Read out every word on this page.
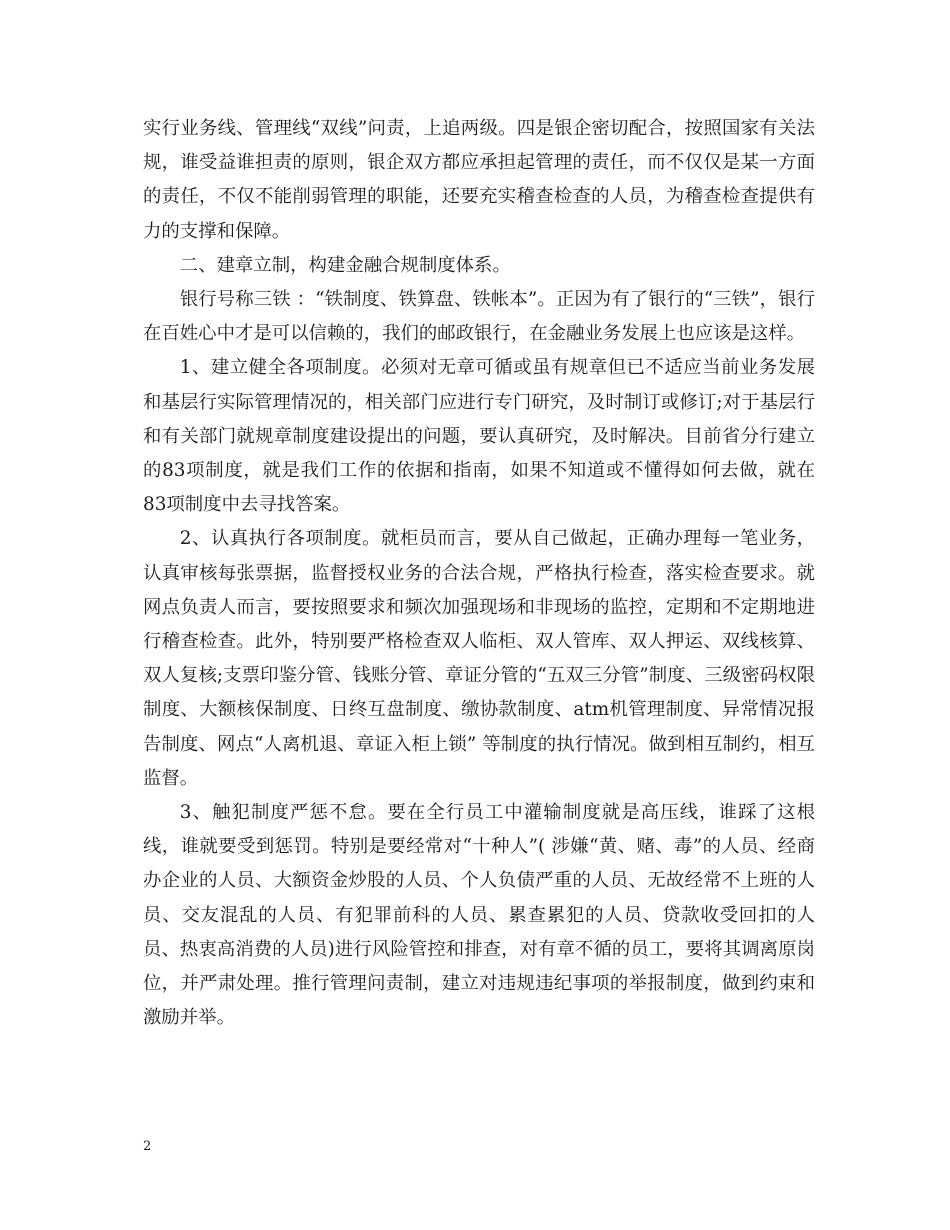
实行业务线、管理线“双线”问责，上追两级。四是银企密切配合，按照国家有关法规，谁受益谁担责的原则，银企双方都应承担起管理的责任，而不仅仅是某一方面的责任，不仅不能削弱管理的职能，还要充实稽查检查的人员，为稽查检查提供有力的支撑和保障。

二、建章立制，构建金融合规制度体系。

银行号称三铁 ：“铁制度、铁算盘、铁帐本”。正因为有了银行的“三铁”，银行在百姓心中才是可以信赖的，我们的邮政银行，在金融业务发展上也应该是这样。

1、建立健全各项制度。必须对无章可循或虽有规章但已不适应当前业务发展和基层行实际管理情况的，相关部门应进行专门研究，及时制订或修订;对于基层行和有关部门就规章制度建设提出的问题，要认真研究，及时解决。目前省分行建立的83项制度，就是我们工作的依据和指南，如果不知道或不懂得如何去做，就在83项制度中去寻找答案。

2、认真执行各项制度。就柜员而言，要从自己做起，正确办理每一笔业务，认真审核每张票据，监督授权业务的合法合规，严格执行检查，落实检查要求。就网点负责人而言，要按照要求和频次加强现场和非现场的监控，定期和不定期地进行稽查检查。此外，特别要严格检查双人临柜、双人管库、双人押运、双线核算、双人复核;支票印鉴分管、钱账分管、章证分管的“五双三分管”制度、三级密码权限制度、大额核保制度、日终互盘制度、缴协款制度、atm机管理制度、异常情况报告制度、网点“人离机退、章证入柜上锁” 等制度的执行情况。做到相互制约，相互监督。

3、触犯制度严惩不怠。要在全行员工中灌输制度就是高压线，谁踩了这根线，谁就要受到惩罚。特别是要经常对“十种人”( 涉嫌“黄、赌、毒”的人员、经商办企业的人员、大额资金炒股的人员、个人负债严重的人员、无故经常不上班的人员、交友混乱的人员、有犯罪前科的人员、累查累犯的人员、贷款收受回扣的人员、热衷高消费的人员)进行风险管控和排查，对有章不循的员工，要将其调离原岗位，并严肃处理。推行管理问责制，建立对违规违纪事项的举报制度，做到约束和激励并举。

2
